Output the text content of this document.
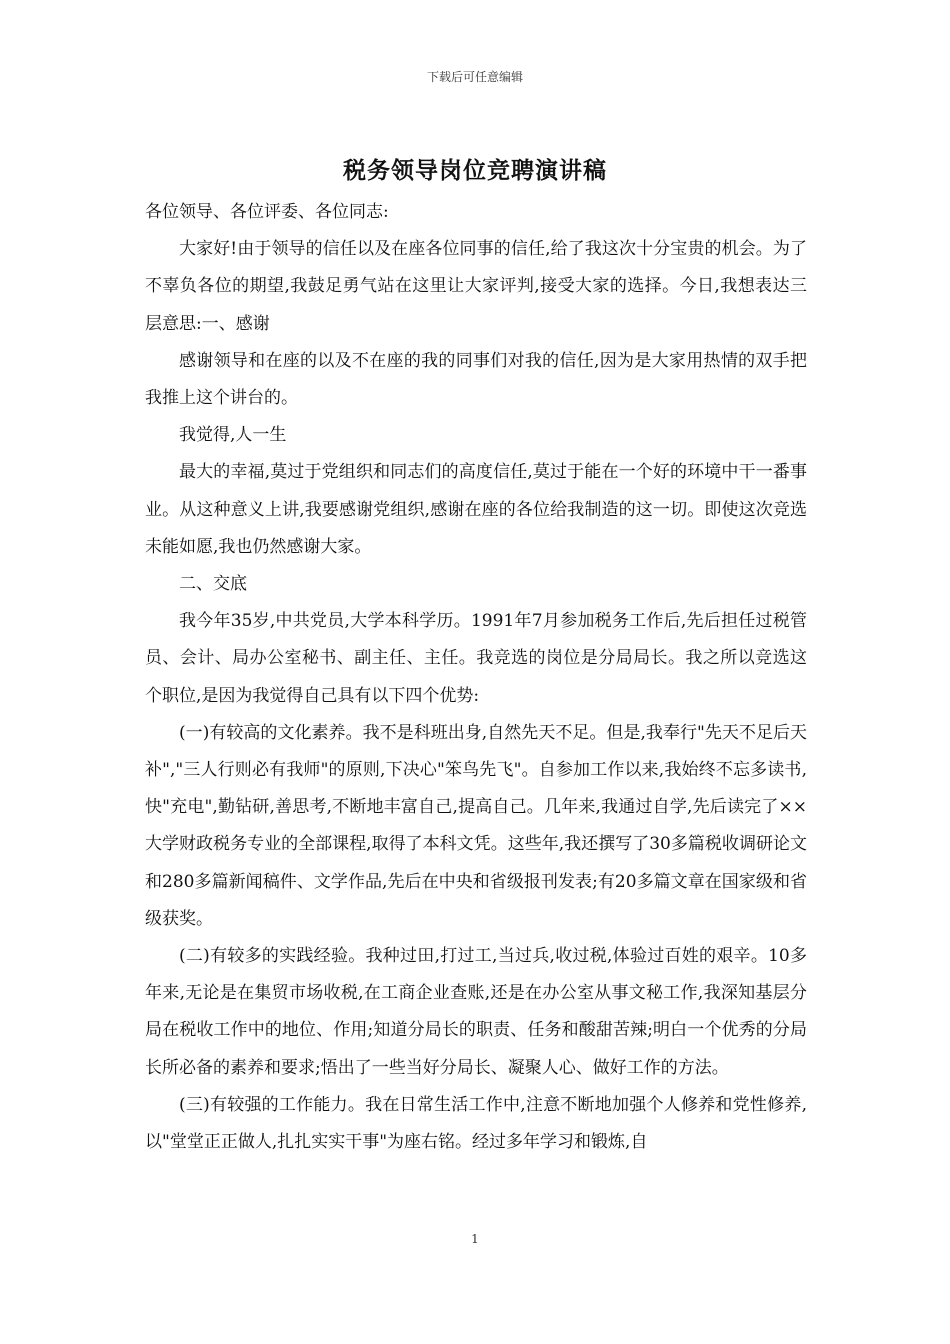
下载后可任意编辑
税务领导岗位竞聘演讲稿

各位领导、各位评委、各位同志:

大家好!由于领导的信任以及在座各位同事的信任,给了我这次十分宝贵的机会。为了不辜负各位的期望,我鼓足勇气站在这里让大家评判,接受大家的选择。今日,我想表达三层意思:一、感谢

感谢领导和在座的以及不在座的我的同事们对我的信任,因为是大家用热情的双手把我推上这个讲台的。

我觉得,人一生

最大的幸福,莫过于党组织和同志们的高度信任,莫过于能在一个好的环境中干一番事业。从这种意义上讲,我要感谢党组织,感谢在座的各位给我制造的这一切。即使这次竞选未能如愿,我也仍然感谢大家。

二、交底

我今年35岁,中共党员,大学本科学历。1991年7月参加税务工作后,先后担任过税管员、会计、局办公室秘书、副主任、主任。我竞选的岗位是分局局长。我之所以竞选这个职位,是因为我觉得自己具有以下四个优势:

(一)有较高的文化素养。我不是科班出身,自然先天不足。但是,我奉行"先天不足后天补","三人行则必有我师"的原则,下决心"笨鸟先飞"。自参加工作以来,我始终不忘多读书,快"充电",勤钻研,善思考,不断地丰富自己,提高自己。几年来,我通过自学,先后读完了××大学财政税务专业的全部课程,取得了本科文凭。这些年,我还撰写了30多篇税收调研论文和280多篇新闻稿件、文学作品,先后在中央和省级报刊发表;有20多篇文章在国家级和省级获奖。

(二)有较多的实践经验。我种过田,打过工,当过兵,收过税,体验过百姓的艰辛。10多年来,无论是在集贸市场收税,在工商企业查账,还是在办公室从事文秘工作,我深知基层分局在税收工作中的地位、作用;知道分局长的职责、任务和酸甜苦辣;明白一个优秀的分局长所必备的素养和要求;悟出了一些当好分局长、凝聚人心、做好工作的方法。

(三)有较强的工作能力。我在日常生活工作中,注意不断地加强个人修养和党性修养,以"堂堂正正做人,扎扎实实干事"为座右铭。经过多年学习和锻炼,自

1
